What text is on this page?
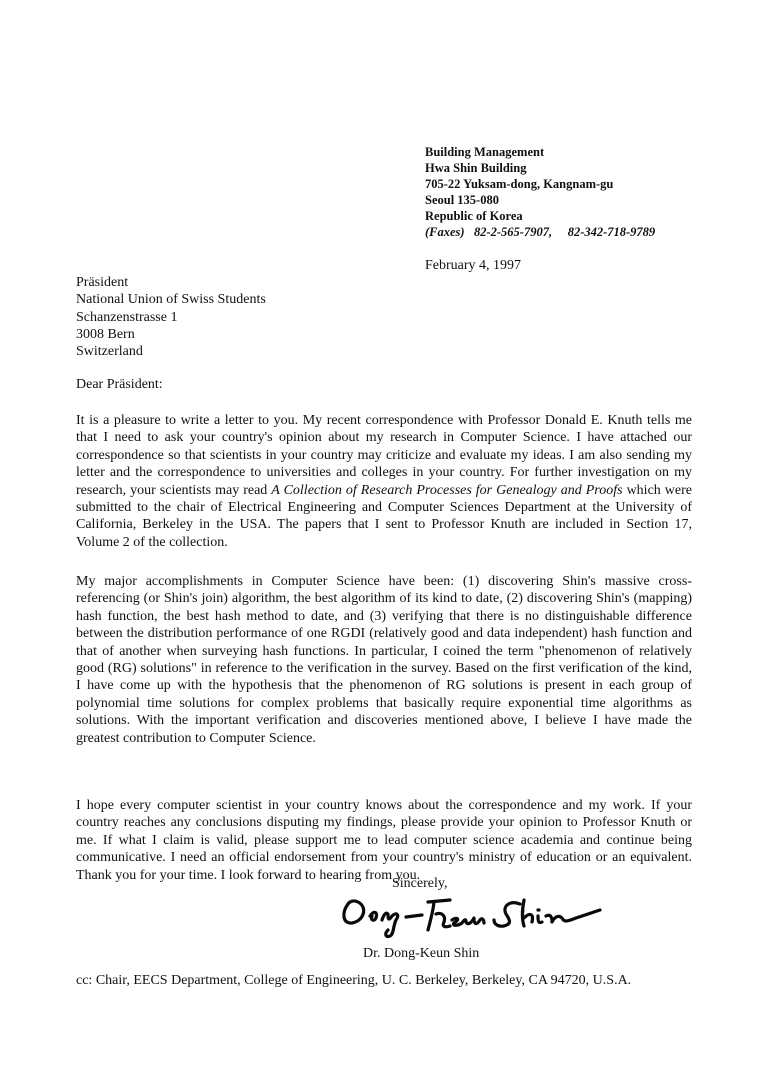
Building Management
Hwa Shin Building
705-22 Yuksam-dong, Kangnam-gu
Seoul 135-080
Republic of Korea
(Faxes) 82-2-565-7907,     82-342-718-9789
February 4, 1997
Präsident
National Union of Swiss Students
Schanzenstrasse 1
3008 Bern
Switzerland
Dear Präsident:

It is a pleasure to write a letter to you. My recent correspondence with Professor Donald E. Knuth tells me that I need to ask your country's opinion about my research in Computer Science. I have attached our correspondence so that scientists in your country may criticize and evaluate my ideas. I am also sending my letter and the correspondence to universities and colleges in your country. For further investigation on my research, your scientists may read A Collection of Research Processes for Genealogy and Proofs which were submitted to the chair of Electrical Engineering and Computer Sciences Department at the University of California, Berkeley in the USA. The papers that I sent to Professor Knuth are included in Section 17, Volume 2 of the collection.

My major accomplishments in Computer Science have been: (1) discovering Shin's massive cross-referencing (or Shin's join) algorithm, the best algorithm of its kind to date, (2) discovering Shin's (mapping) hash function, the best hash method to date, and (3) verifying that there is no distinguishable difference between the distribution performance of one RGDI (relatively good and data independent) hash function and that of another when surveying hash functions. In particular, I coined the term "phenomenon of relatively good (RG) solutions" in reference to the verification in the survey. Based on the first verification of the kind, I have come up with the hypothesis that the phenomenon of RG solutions is present in each group of polynomial time solutions for complex problems that basically require exponential time algorithms as solutions. With the important verification and discoveries mentioned above, I believe I have made the greatest contribution to Computer Science.

I hope every computer scientist in your country knows about the correspondence and my work. If your country reaches any conclusions disputing my findings, please provide your opinion to Professor Knuth or me. If what I claim is valid, please support me to lead computer science academia and continue being communicative. I need an official endorsement from your country's ministry of education or an equivalent. Thank you for your time. I look forward to hearing from you.

Sincerely,
Dr. Dong-Keun Shin
cc: Chair, EECS Department, College of Engineering, U. C. Berkeley, Berkeley, CA 94720, U.S.A.
